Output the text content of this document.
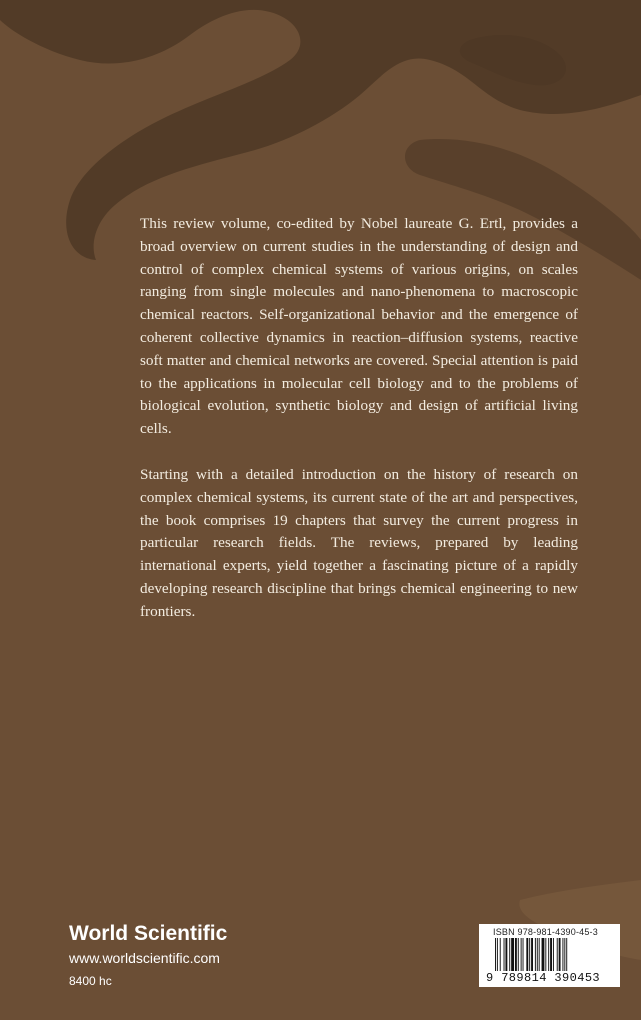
This review volume, co-edited by Nobel laureate G. Ertl, provides a broad overview on current studies in the understanding of design and control of complex chemical systems of various origins, on scales ranging from single molecules and nano-phenomena to macroscopic chemical reactors. Self-organizational behavior and the emergence of coherent collective dynamics in reaction–diffusion systems, reactive soft matter and chemical networks are covered. Special attention is paid to the applications in molecular cell biology and to the problems of biological evolution, synthetic biology and design of artificial living cells.

Starting with a detailed introduction on the history of research on complex chemical systems, its current state of the art and perspectives, the book comprises 19 chapters that survey the current progress in particular research fields. The reviews, prepared by leading international experts, yield together a fascinating picture of a rapidly developing research discipline that brings chemical engineering to new frontiers.

World Scientific
www.worldscientific.com
8400 hc
ISBN 978-981-4390-45-3
9 789814 390453
